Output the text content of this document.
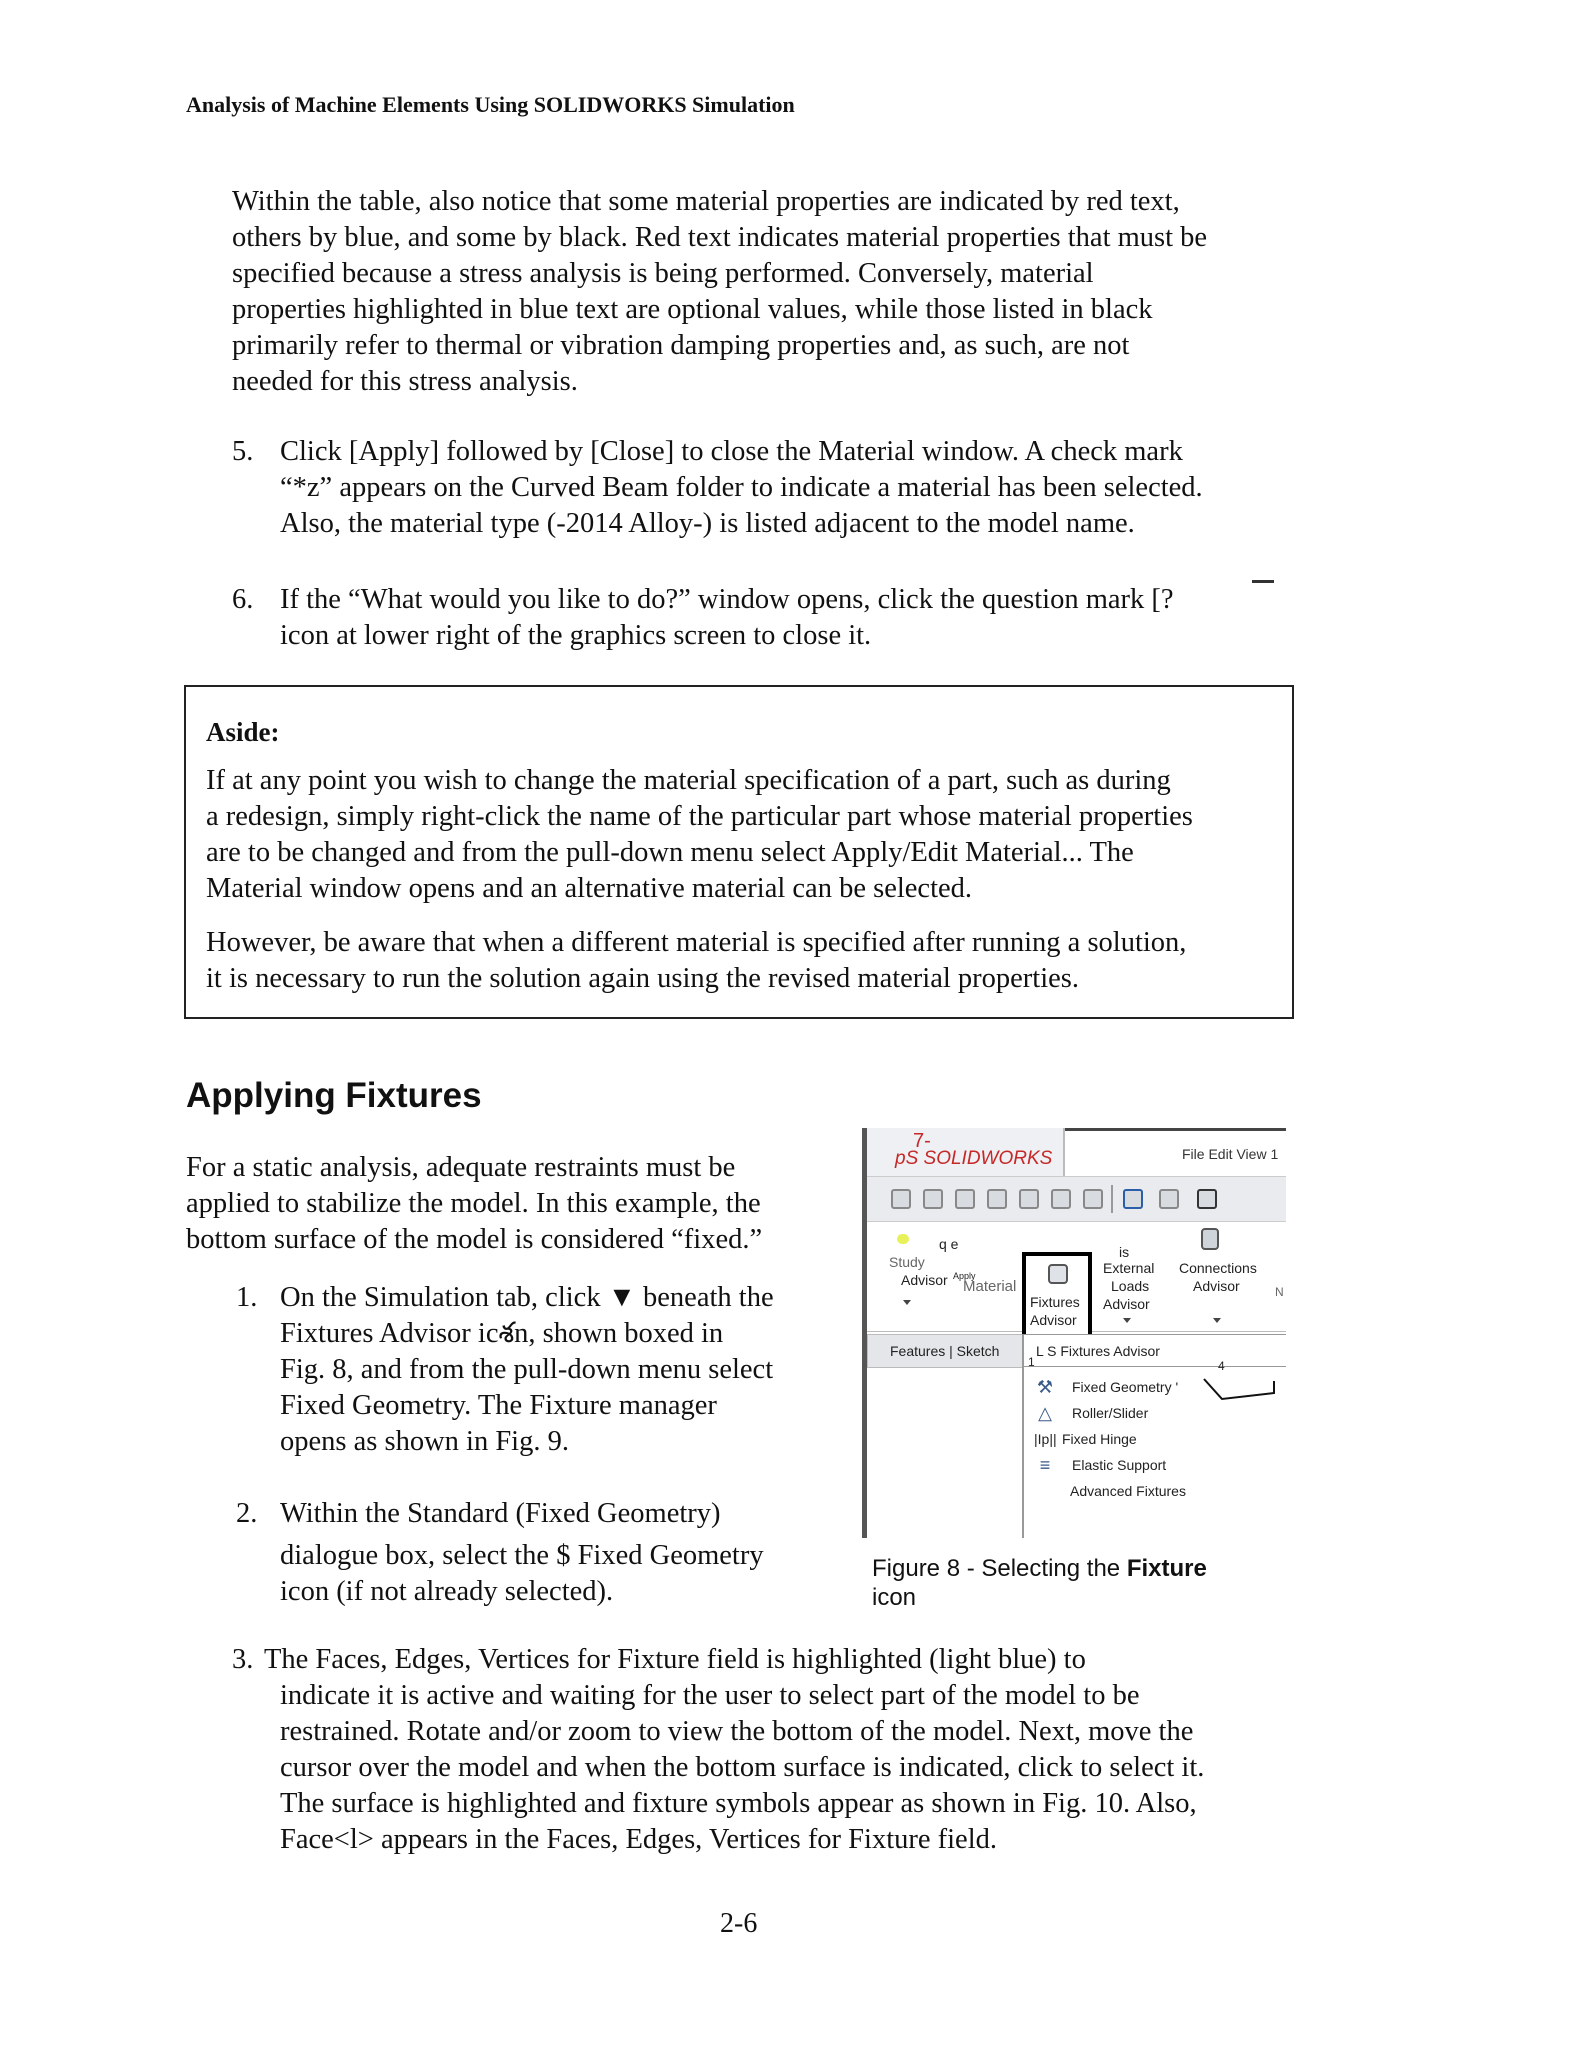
Analysis of Machine Elements Using SOLIDWORKS Simulation
Within the table, also notice that some material properties are indicated by red text,
others by blue, and some by black. Red text indicates material properties that must be
specified because a stress analysis is being performed. Conversely, material
properties highlighted in blue text are optional values, while those listed in black
primarily refer to thermal or vibration damping properties and, as such, are not
needed for this stress analysis.
5. Click [Apply] followed by [Close] to close the Material window. A check mark
“*z” appears on the Curved Beam folder to indicate a material has been selected.
Also, the material type (-2014 Alloy-) is listed adjacent to the model name.
6. If the “What would you like to do?” window opens, click the question mark [?
icon at lower right of the graphics screen to close it.
Aside:
If at any point you wish to change the material specification of a part, such as during
a redesign, simply right-click the name of the particular part whose material properties
are to be changed and from the pull-down menu select Apply/Edit Material... The
Material window opens and an alternative material can be selected.
However, be aware that when a different material is specified after running a solution,
it is necessary to run the solution again using the revised material properties.
Applying Fixtures
For a static analysis, adequate restraints must be
applied to stabilize the model. In this example, the
bottom surface of the model is considered “fixed.”
1. On the Simulation tab, click ▼ beneath the
Fixtures Advisor icశn, shown boxed in
Fig. 8, and from the pull-down menu select
Fixed Geometry. The Fixture manager
opens as shown in Fig. 9.
2. Within the Standard (Fixed Geometry)
dialogue box, select the $ Fixed Geometry
icon (if not already selected).
3. The Faces, Edges, Vertices for Fixture field is highlighted (light blue) to
indicate it is active and waiting for the user to select part of the model to be
restrained. Rotate and/or zoom to view the bottom of the model. Next, move the
cursor over the model and when the bottom surface is indicated, click to select it.
The surface is highlighted and fixture symbols appear as shown in Fig. 10. Also,
Face<l> appears in the Faces, Edges, Vertices for Fixture field.
7-
pS SOLIDWORKS	File Edit View 1
q e
Study
Advisor Apply
Material
is
External
Loads
Advisor
Connections
Advisor	N
Fixtures
Advisor
Features | Sketch	L S Fixtures Advisor
1	4
⚒ Fixed Geometry '
△ Roller/Slider
|Ip|| Fixed Hinge
≡	Elastic Support
Advanced Fixtures
Figure 8 - Selecting the Fixture
icon
2-6
